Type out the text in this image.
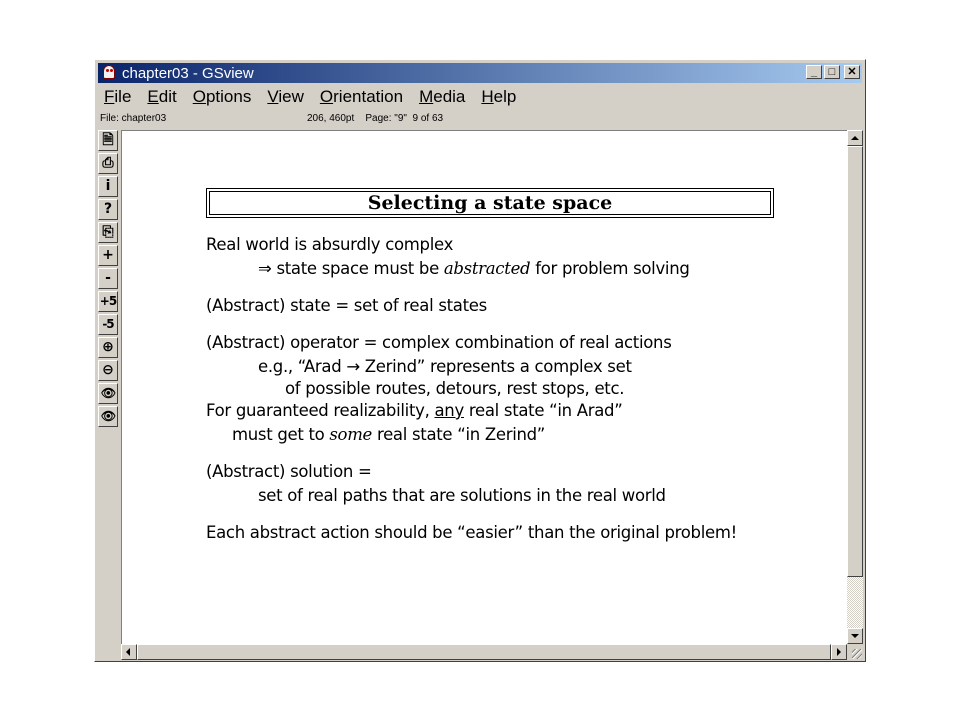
chapter03 - GSview	_	□	✕
File Edit Options View Orientation Media Help
File: chapter03	206, 460pt    Page: "9"  9 of 63
🗎
⎙
i
?
⎘
+
-
+5
-5
⊕
⊖
👁
👁
Selecting a state space
Real world is absurdly complex
⇒ state space must be abstracted for problem solving
(Abstract) state = set of real states
(Abstract) operator = complex combination of real actions
e.g., “Arad → Zerind” represents a complex set
of possible routes, detours, rest stops, etc.
For guaranteed realizability, any real state “in Arad”
must get to some real state “in Zerind”
(Abstract) solution =
set of real paths that are solutions in the real world
Each abstract action should be “easier” than the original problem!
